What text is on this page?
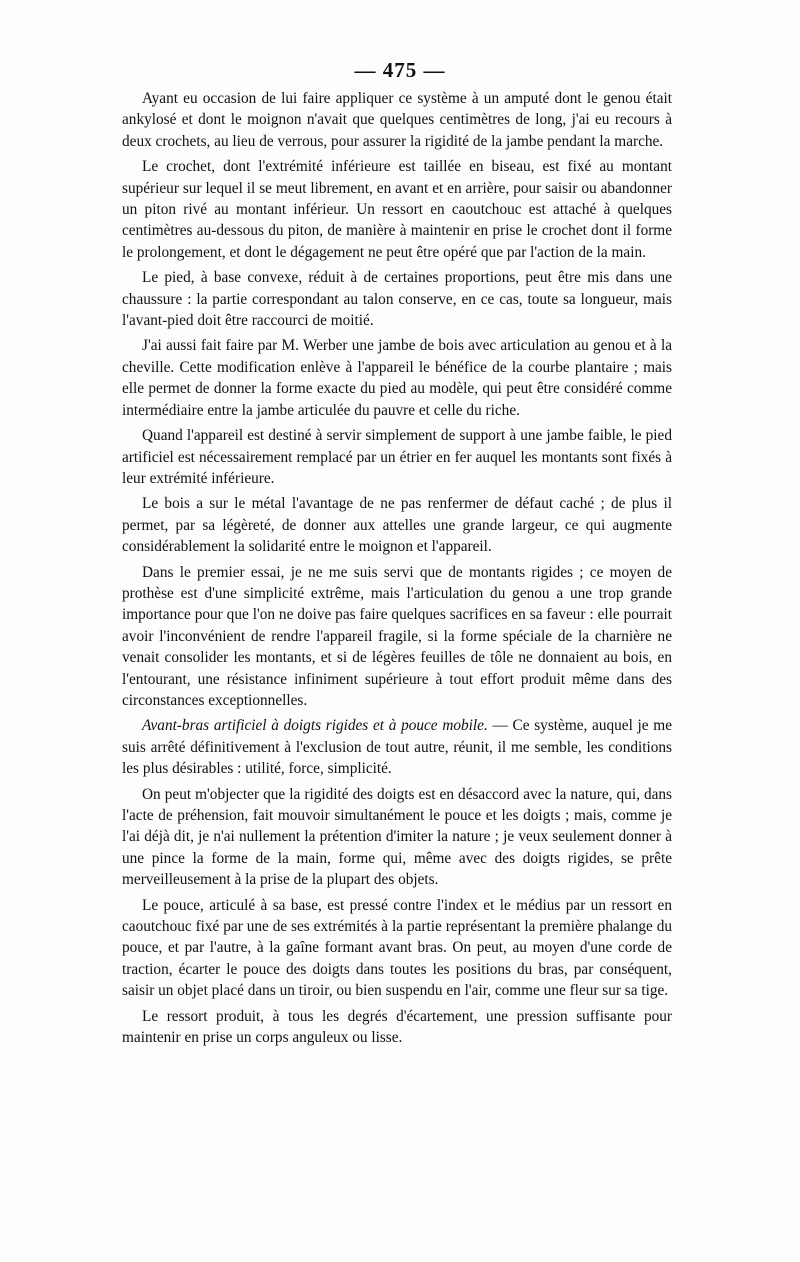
— 475 —

Ayant eu occasion de lui faire appliquer ce système à un amputé dont le genou était ankylosé et dont le moignon n'avait que quelques centimètres de long, j'ai eu recours à deux crochets, au lieu de verrous, pour assurer la rigidité de la jambe pendant la marche.

Le crochet, dont l'extrémité inférieure est taillée en biseau, est fixé au montant supérieur sur lequel il se meut librement, en avant et en arrière, pour saisir ou abandonner un piton rivé au montant inférieur. Un ressort en caoutchouc est attaché à quelques centimètres au-dessous du piton, de manière à maintenir en prise le crochet dont il forme le prolongement, et dont le dégagement ne peut être opéré que par l'action de la main.

Le pied, à base convexe, réduit à de certaines proportions, peut être mis dans une chaussure : la partie correspondant au talon conserve, en ce cas, toute sa longueur, mais l'avant-pied doit être raccourci de moitié.

J'ai aussi fait faire par M. Werber une jambe de bois avec articulation au genou et à la cheville. Cette modification enlève à l'appareil le bénéfice de la courbe plantaire ; mais elle permet de donner la forme exacte du pied au modèle, qui peut être considéré comme intermédiaire entre la jambe articulée du pauvre et celle du riche.

Quand l'appareil est destiné à servir simplement de support à une jambe faible, le pied artificiel est nécessairement remplacé par un étrier en fer auquel les montants sont fixés à leur extrémité inférieure.

Le bois a sur le métal l'avantage de ne pas renfermer de défaut caché ; de plus il permet, par sa légèreté, de donner aux attelles une grande largeur, ce qui augmente considérablement la solidarité entre le moignon et l'appareil.

Dans le premier essai, je ne me suis servi que de montants rigides ; ce moyen de prothèse est d'une simplicité extrême, mais l'articulation du genou a une trop grande importance pour que l'on ne doive pas faire quelques sacrifices en sa faveur : elle pourrait avoir l'inconvénient de rendre l'appareil fragile, si la forme spéciale de la charnière ne venait consolider les montants, et si de légères feuilles de tôle ne donnaient au bois, en l'entourant, une résistance infiniment supérieure à tout effort produit même dans des circonstances exceptionnelles.

Avant-bras artificiel à doigts rigides et à pouce mobile. — Ce système, auquel je me suis arrêté définitivement à l'exclusion de tout autre, réunit, il me semble, les conditions les plus désirables : utilité, force, simplicité.

On peut m'objecter que la rigidité des doigts est en désaccord avec la nature, qui, dans l'acte de préhension, fait mouvoir simultanément le pouce et les doigts ; mais, comme je l'ai déjà dit, je n'ai nullement la prétention d'imiter la nature ; je veux seulement donner à une pince la forme de la main, forme qui, même avec des doigts rigides, se prête merveilleusement à la prise de la plupart des objets.

Le pouce, articulé à sa base, est pressé contre l'index et le médius par un ressort en caoutchouc fixé par une de ses extrémités à la partie représentant la première phalange du pouce, et par l'autre, à la gaîne formant avant bras. On peut, au moyen d'une corde de traction, écarter le pouce des doigts dans toutes les positions du bras, par conséquent, saisir un objet placé dans un tiroir, ou bien suspendu en l'air, comme une fleur sur sa tige.

Le ressort produit, à tous les degrés d'écartement, une pression suffisante pour maintenir en prise un corps anguleux ou lisse.
